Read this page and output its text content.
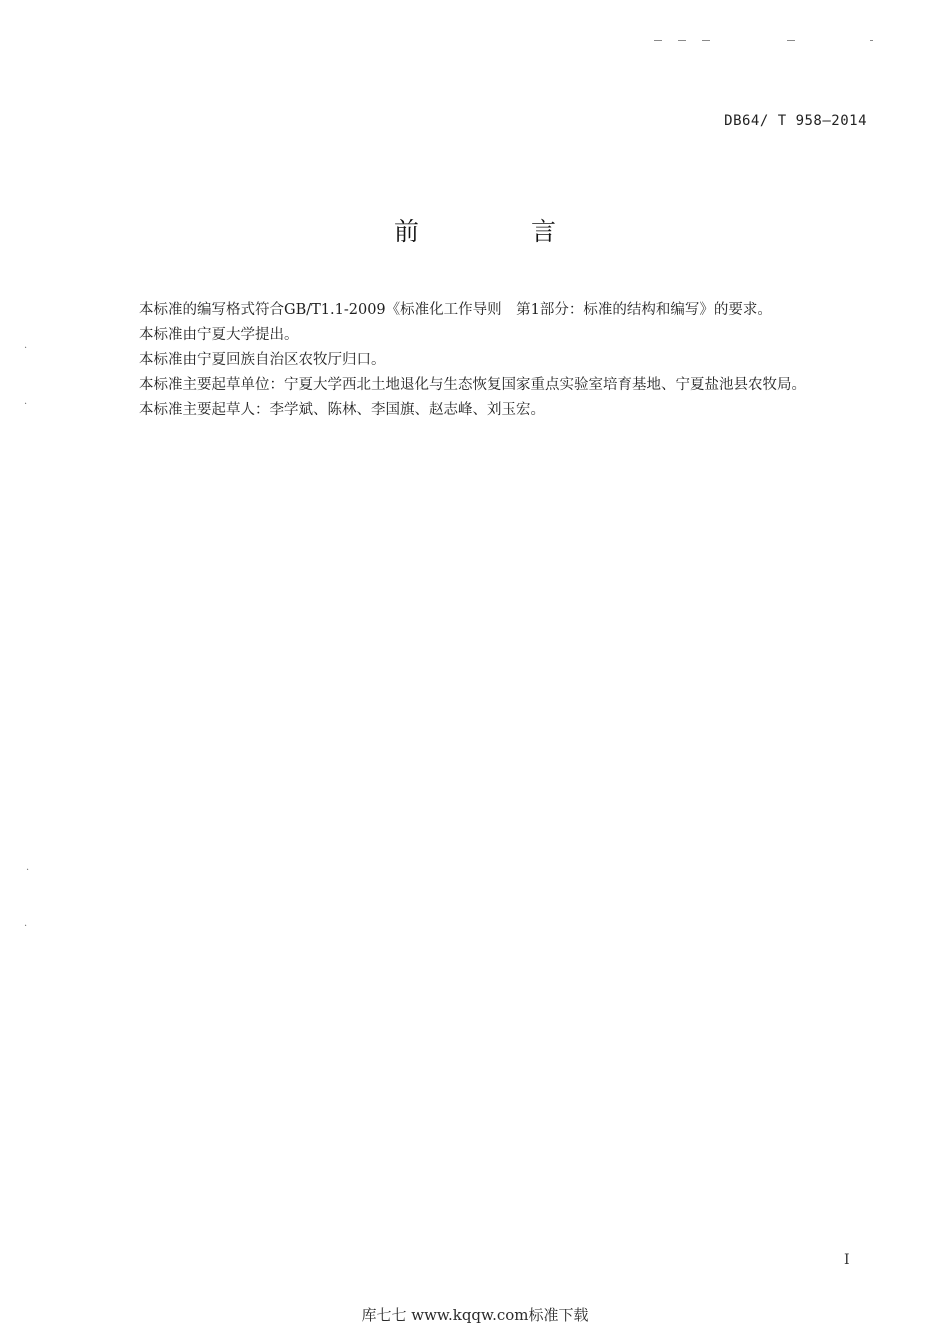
DB64/ T 958—2014
前 言

本标准的编写格式符合GB/T1.1-2009《标准化工作导则　第1部分：标准的结构和编写》的要求。

本标准由宁夏大学提出。

本标准由宁夏回族自治区农牧厅归口。

本标准主要起草单位：宁夏大学西北土地退化与生态恢复国家重点实验室培育基地、宁夏盐池县农牧局。

本标准主要起草人：李学斌、陈林、李国旗、赵志峰、刘玉宏。

·
·
·
·
I
库七七 www.kqqw.com标准下载
